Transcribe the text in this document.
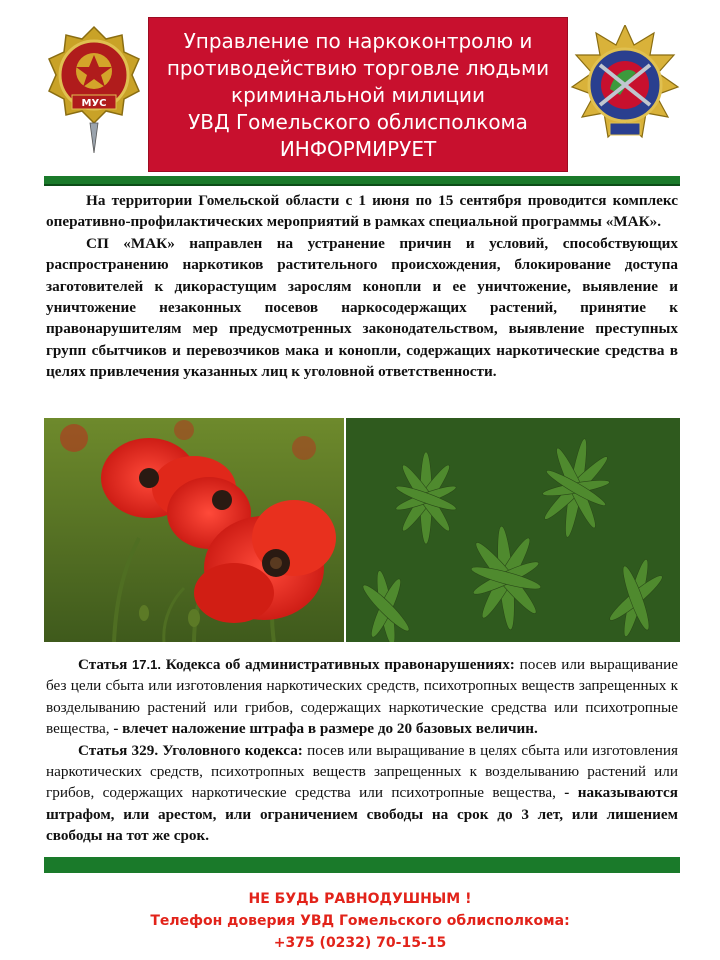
МУС
Управление по наркоконтролю и
противодействию торговле людьми
криминальной милиции
УВД Гомельского облисполкома
ИНФОРМИРУЕТ

На территории Гомельской области с 1 июня по 15 сентября проводится комплекс оперативно-профилактических мероприятий в рамках специальной программы «МАК».

СП «МАК» направлен на устранение причин и условий, способствующих распространению наркотиков растительного происхождения, блокирование доступа заготовителей к дикорастущим зарослям конопли и ее уничтожение, выявление и уничтожение незаконных посевов наркосодержащих растений, принятие к правонарушителям мер предусмотренных законодательством, выявление преступных групп сбытчиков и перевозчиков мака и конопли, содержащих наркотические средства в целях привлечения указанных лиц к уголовной ответственности.

Статья 17.1. Кодекса об административных правонарушениях: посев или выращивание без цели сбыта или изготовления наркотических средств, психотропных веществ запрещенных к возделыванию растений или грибов, содержащих наркотические средства или психотропные вещества, - влечет наложение штрафа в размере до 20 базовых величин.

Статья 329. Уголовного кодекса: посев или выращивание в целях сбыта или изготовления наркотических средств, психотропных веществ запрещенных к возделыванию растений или грибов, содержащих наркотические средства или психотропные вещества, - наказываются штрафом, или арестом, или ограничением свободы на срок до 3 лет, или лишением свободы на тот же срок.

НЕ БУДЬ РАВНОДУШНЫМ !
Телефон доверия УВД Гомельского облисполкома:
+375 (0232) 70-15-15
